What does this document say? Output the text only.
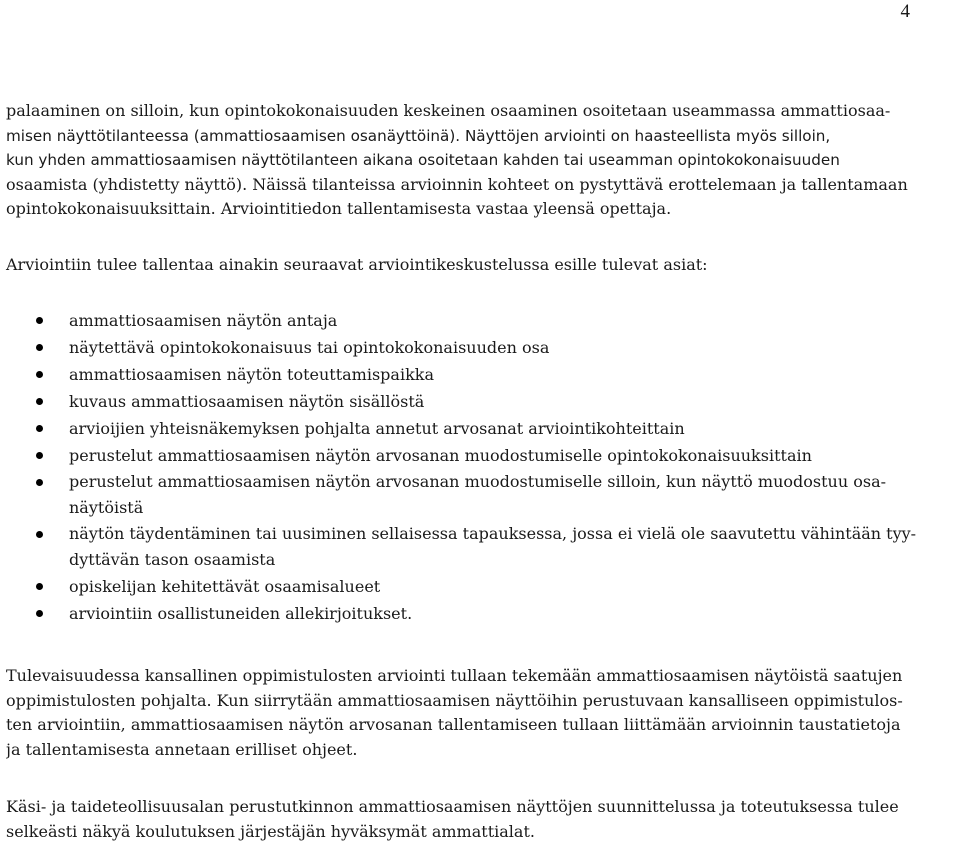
4
palaaminen on silloin, kun opintokokonaisuuden keskeinen osaaminen osoitetaan useammassa ammattiosaa-
misen näyttötilanteessa (ammattiosaamisen osanäyttöinä). Näyttöjen arviointi on haasteellista myös silloin,
kun yhden ammattiosaamisen näyttötilanteen aikana osoitetaan kahden tai useamman opintokokonaisuuden
osaamista (yhdistetty näyttö). Näissä tilanteissa arvioinnin kohteet on pystyttävä erottelemaan ja tallentamaan
opintokokonaisuuksittain. Arviointitiedon tallentamisesta vastaa yleensä opettaja.
Arviointiin tulee tallentaa ainakin seuraavat arviointikeskustelussa esille tulevat asiat:
ammattiosaamisen näytön antaja
näytettävä opintokokonaisuus tai opintokokonaisuuden osa
ammattiosaamisen näytön toteuttamispaikka
kuvaus ammattiosaamisen näytön sisällöstä
arvioijien yhteisnäkemyksen pohjalta annetut arvosanat arviointikohteittain
perustelut ammattiosaamisen näytön arvosanan muodostumiselle opintokokonaisuuksittain
perustelut ammattiosaamisen näytön arvosanan muodostumiselle silloin, kun näyttö muodostuu osa-
näytöistä
näytön täydentäminen tai uusiminen sellaisessa tapauksessa, jossa ei vielä ole saavutettu vähintään tyy-
dyttävän tason osaamista
opiskelijan kehitettävät osaamisalueet
arviointiin osallistuneiden allekirjoitukset.
Tulevaisuudessa kansallinen oppimistulosten arviointi tullaan tekemään ammattiosaamisen näytöistä saatujen
oppimistulosten pohjalta. Kun siirrytään ammattiosaamisen näyttöihin perustuvaan kansalliseen oppimistulos-
ten arviointiin, ammattiosaamisen näytön arvosanan tallentamiseen tullaan liittämään arvioinnin taustatietoja
ja tallentamisesta annetaan erilliset ohjeet.
Käsi- ja taideteollisuusalan perustutkinnon ammattiosaamisen näyttöjen suunnittelussa ja toteutuksessa tulee
selkeästi näkyä koulutuksen järjestäjän hyväksymät ammattialat.
